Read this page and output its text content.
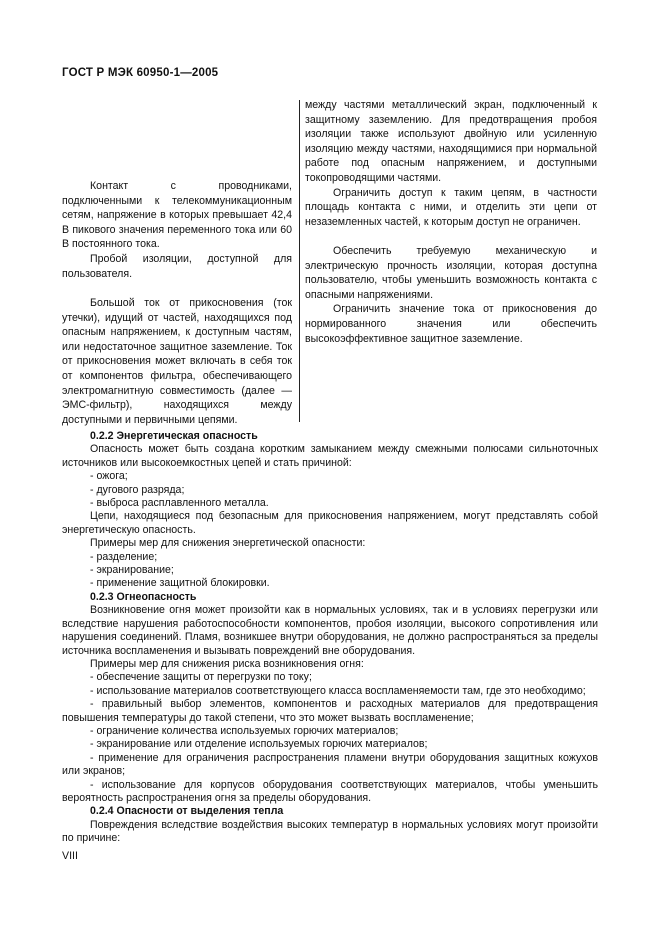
ГОСТ Р МЭК 60950-1—2005

между частями металлический экран, подключенный к защитному заземлению. Для предотвращения пробоя изоляции также используют двойную или усиленную изоляцию между частями, находящимися при нормальной работе под опасным напряжением, и доступными токопроводящими частями.

Ограничить доступ к таким цепям, в частности площадь контакта с ними, и отделить эти цепи от незаземленных частей, к которым доступ не ограничен.

Обеспечить требуемую механическую и электрическую прочность изоляции, которая доступна пользователю, чтобы уменьшить возможность контакта с опасными напряжениями.

Ограничить значение тока от прикосновения до нормированного значения или обеспечить высокоэффективное защитное заземление.

Контакт с проводниками, подключенными к телекоммуникационным сетям, напряжение в которых превышает 42,4 В пикового значения переменного тока или 60 В постоянного тока.

Пробой изоляции, доступной для пользователя.

Большой ток от прикосновения (ток утечки), идущий от частей, находящихся под опасным напряжением, к доступным частям, или недостаточное защитное заземление. Ток от прикосновения может включать в себя ток от компонентов фильтра, обеспечивающего электромагнитную совместимость (далее — ЭМС-фильтр), находящихся между доступными и первичными цепями.

0.2.2 Энергетическая опасность

Опасность может быть создана коротким замыканием между смежными полюсами сильноточных источников или высокоемкостных цепей и стать причиной:

- ожога;

- дугового разряда;

- выброса расплавленного металла.

Цепи, находящиеся под безопасным для прикосновения напряжением, могут представлять собой энергетическую опасность.

Примеры мер для снижения энергетической опасности:

- разделение;

- экранирование;

- применение защитной блокировки.

0.2.3 Огнеопасность

Возникновение огня может произойти как в нормальных условиях, так и в условиях перегрузки или вследствие нарушения работоспособности компонентов, пробоя изоляции, высокого сопротивления или нарушения соединений. Пламя, возникшее внутри оборудования, не должно распространяться за пределы источника воспламенения и вызывать повреждений вне оборудования.

Примеры мер для снижения риска возникновения огня:

- обеспечение защиты от перегрузки по току;

- использование материалов соответствующего класса воспламеняемости там, где это необходимо;

- правильный выбор элементов, компонентов и расходных материалов для предотвращения повышения температуры до такой степени, что это может вызвать воспламенение;

- ограничение количества используемых горючих материалов;

- экранирование или отделение используемых горючих материалов;

- применение для ограничения распространения пламени внутри оборудования защитных кожухов или экранов;

- использование для корпусов оборудования соответствующих материалов, чтобы уменьшить вероятность распространения огня за пределы оборудования.

0.2.4 Опасности от выделения тепла

Повреждения вследствие воздействия высоких температур в нормальных условиях могут произойти по причине:

VIII
